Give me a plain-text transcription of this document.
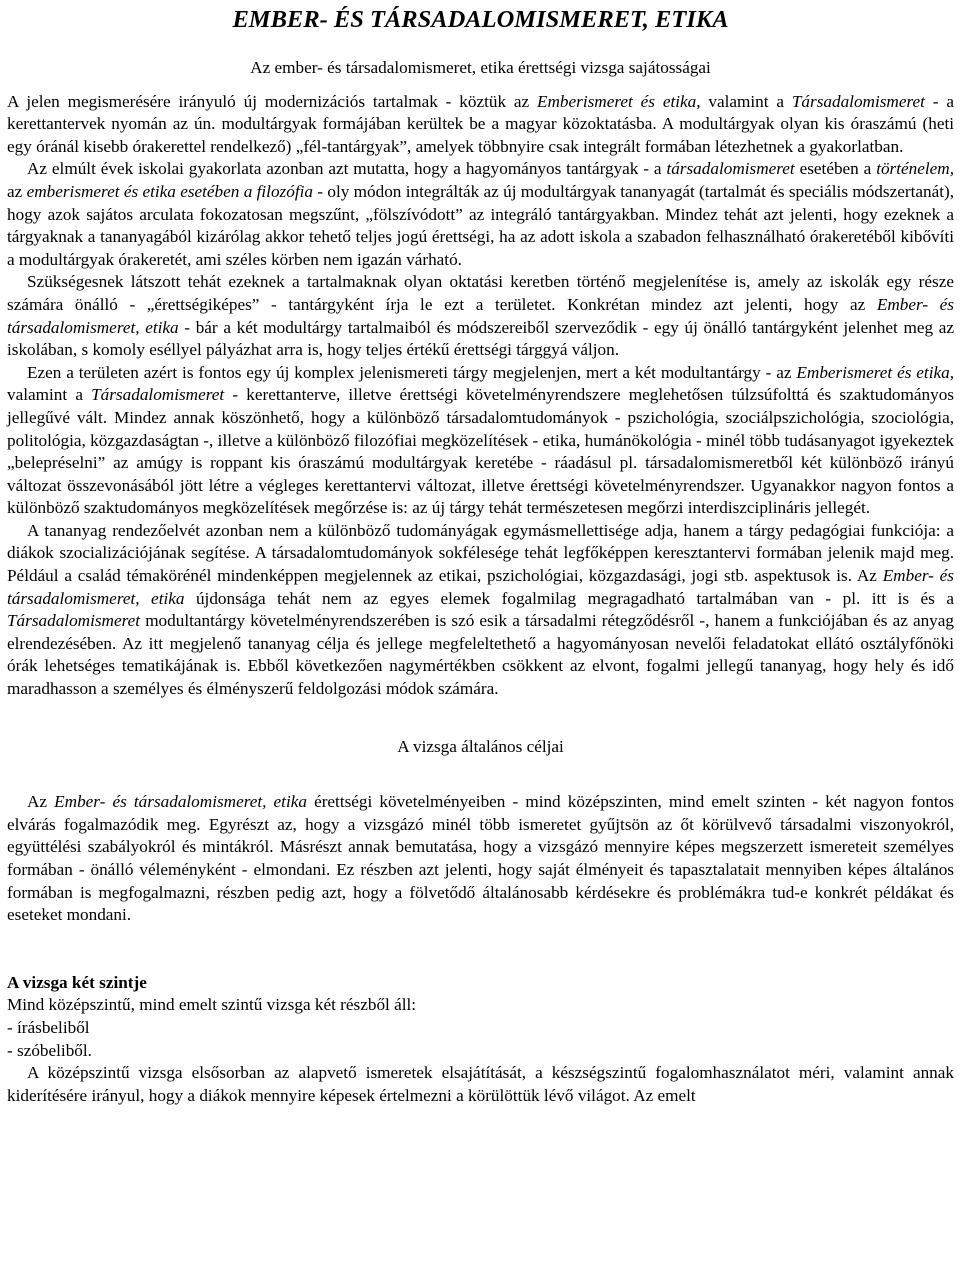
EMBER- ÉS TÁRSADALOMISMERET, ETIKA
Az ember- és társadalomismeret, etika érettségi vizsga sajátosságai

A jelen megismerésére irányuló új modernizációs tartalmak - köztük az Emberismeret és etika, valamint a Társadalomismeret - a kerettantervek nyomán az ún. modultárgyak formájában kerültek be a magyar közoktatásba. A modultárgyak olyan kis óraszámú (heti egy óránál kisebb órakerettel rendelkező) „fél-tantárgyak”, amelyek többnyire csak integrált formában létezhetnek a gyakorlatban.

Az elmúlt évek iskolai gyakorlata azonban azt mutatta, hogy a hagyományos tantárgyak - a társadalomismeret esetében a történelem, az emberismeret és etika esetében a filozófia - oly módon integrálták az új modultárgyak tananyagát (tartalmát és speciális módszertanát), hogy azok sajátos arculata fokozatosan megszűnt, „fölszívódott” az integráló tantárgyakban. Mindez tehát azt jelenti, hogy ezeknek a tárgyaknak a tananyagából kizárólag akkor tehető teljes jogú érettségi, ha az adott iskola a szabadon felhasználható órakeretéből kibővíti a modultárgyak órakeretét, ami széles körben nem igazán várható.

Szükségesnek látszott tehát ezeknek a tartalmaknak olyan oktatási keretben történő megjelenítése is, amely az iskolák egy része számára önálló - „érettségiképes” - tantárgyként írja le ezt a területet. Konkrétan mindez azt jelenti, hogy az Ember- és társadalomismeret, etika - bár a két modultárgy tartalmaiból és módszereiből szerveződik - egy új önálló tantárgyként jelenhet meg az iskolában, s komoly eséllyel pályázhat arra is, hogy teljes értékű érettségi tárggyá váljon.

Ezen a területen azért is fontos egy új komplex jelenismereti tárgy megjelenjen, mert a két modultantárgy - az Emberismeret és etika, valamint a Társadalomismeret - kerettanterve, illetve érettségi követelményrendszere meglehetősen túlzsúfolttá és szaktudományos jellegűvé vált. Mindez annak köszönhető, hogy a különböző társadalomtudományok - pszichológia, szociálpszichológia, szociológia, politológia, közgazdaságtan -, illetve a különböző filozófiai megközelítések - etika, humánökológia - minél több tudásanyagot igyekeztek „belepréselni” az amúgy is roppant kis óraszámú modultárgyak keretébe - ráadásul pl. társadalomismeretből két különböző irányú változat összevonásából jött létre a végleges kerettantervi változat, illetve érettségi követelményrendszer. Ugyanakkor nagyon fontos a különböző szaktudományos megközelítések megőrzése is: az új tárgy tehát természetesen megőrzi interdiszciplináris jellegét.

A tananyag rendezőelvét azonban nem a különböző tudományágak egymásmellettisége adja, hanem a tárgy pedagógiai funkciója: a diákok szocializációjának segítése. A társadalomtudományok sokfélesége tehát legfőképpen keresztantervi formában jelenik majd meg. Például a család témakörénél mindenképpen megjelennek az etikai, pszichológiai, közgazdasági, jogi stb. aspektusok is. Az Ember- és társadalomismeret, etika újdonsága tehát nem az egyes elemek fogalmilag megragadható tartalmában van - pl. itt is és a Társadalomismeret modultantárgy követelményrendszerében is szó esik a társadalmi rétegződésről -, hanem a funkciójában és az anyag elrendezésében. Az itt megjelenő tananyag célja és jellege megfeleltethető a hagyományosan nevelői feladatokat ellátó osztályfőnöki órák lehetséges tematikájának is. Ebből következően nagymértékben csökkent az elvont, fogalmi jellegű tananyag, hogy hely és idő maradhasson a személyes és élményszerű feldolgozási módok számára.

A vizsga általános céljai

Az Ember- és társadalomismeret, etika érettségi követelményeiben - mind középszinten, mind emelt szinten - két nagyon fontos elvárás fogalmazódik meg. Egyrészt az, hogy a vizsgázó minél több ismeretet gyűjtsön az őt körülvevő társadalmi viszonyokról, együttélési szabályokról és mintákról. Másrészt annak bemutatása, hogy a vizsgázó mennyire képes megszerzett ismereteit személyes formában - önálló véleményként - elmondani. Ez részben azt jelenti, hogy saját élményeit és tapasztalatait mennyiben képes általános formában is megfogalmazni, részben pedig azt, hogy a fölvetődő általánosabb kérdésekre és problémákra tud-e konkrét példákat és eseteket mondani.

A vizsga két szintje
Mind középszintű, mind emelt szintű vizsga két részből áll:
- írásbeliből
- szóbeliből.

A középszintű vizsga elsősorban az alapvető ismeretek elsajátítását, a készségszintű fogalomhasználatot méri, valamint annak kiderítésére irányul, hogy a diákok mennyire képesek értelmezni a körülöttük lévő világot. Az emelt
